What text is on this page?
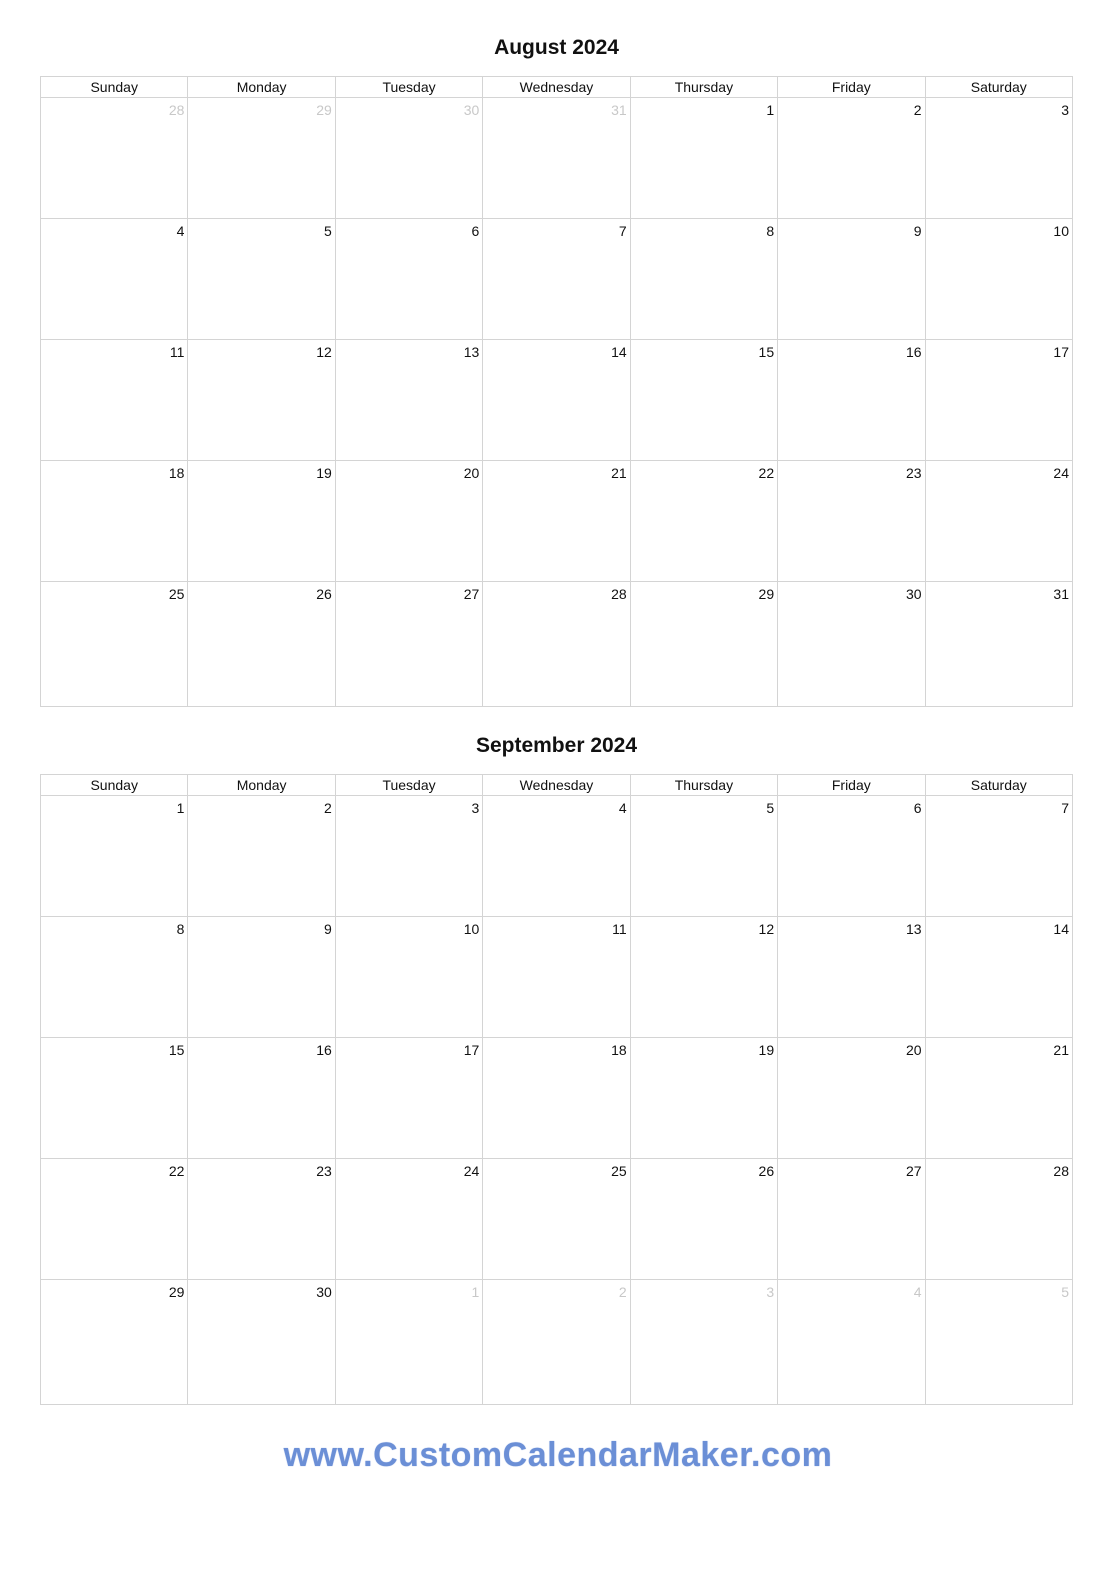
August 2024
Sunday	Monday	Tuesday	Wednesday	Thursday	Friday	Saturday

28	29	30	31	1	2	3

4	5	6	7	8	9	10

11	12	13	14	15	16	17

18	19	20	21	22	23	24

25	26	27	28	29	30	31
September 2024
Sunday	Monday	Tuesday	Wednesday	Thursday	Friday	Saturday

1	2	3	4	5	6	7

8	9	10	11	12	13	14

15	16	17	18	19	20	21

22	23	24	25	26	27	28

29	30	1	2	3	4	5
www.CustomCalendarMaker.com
